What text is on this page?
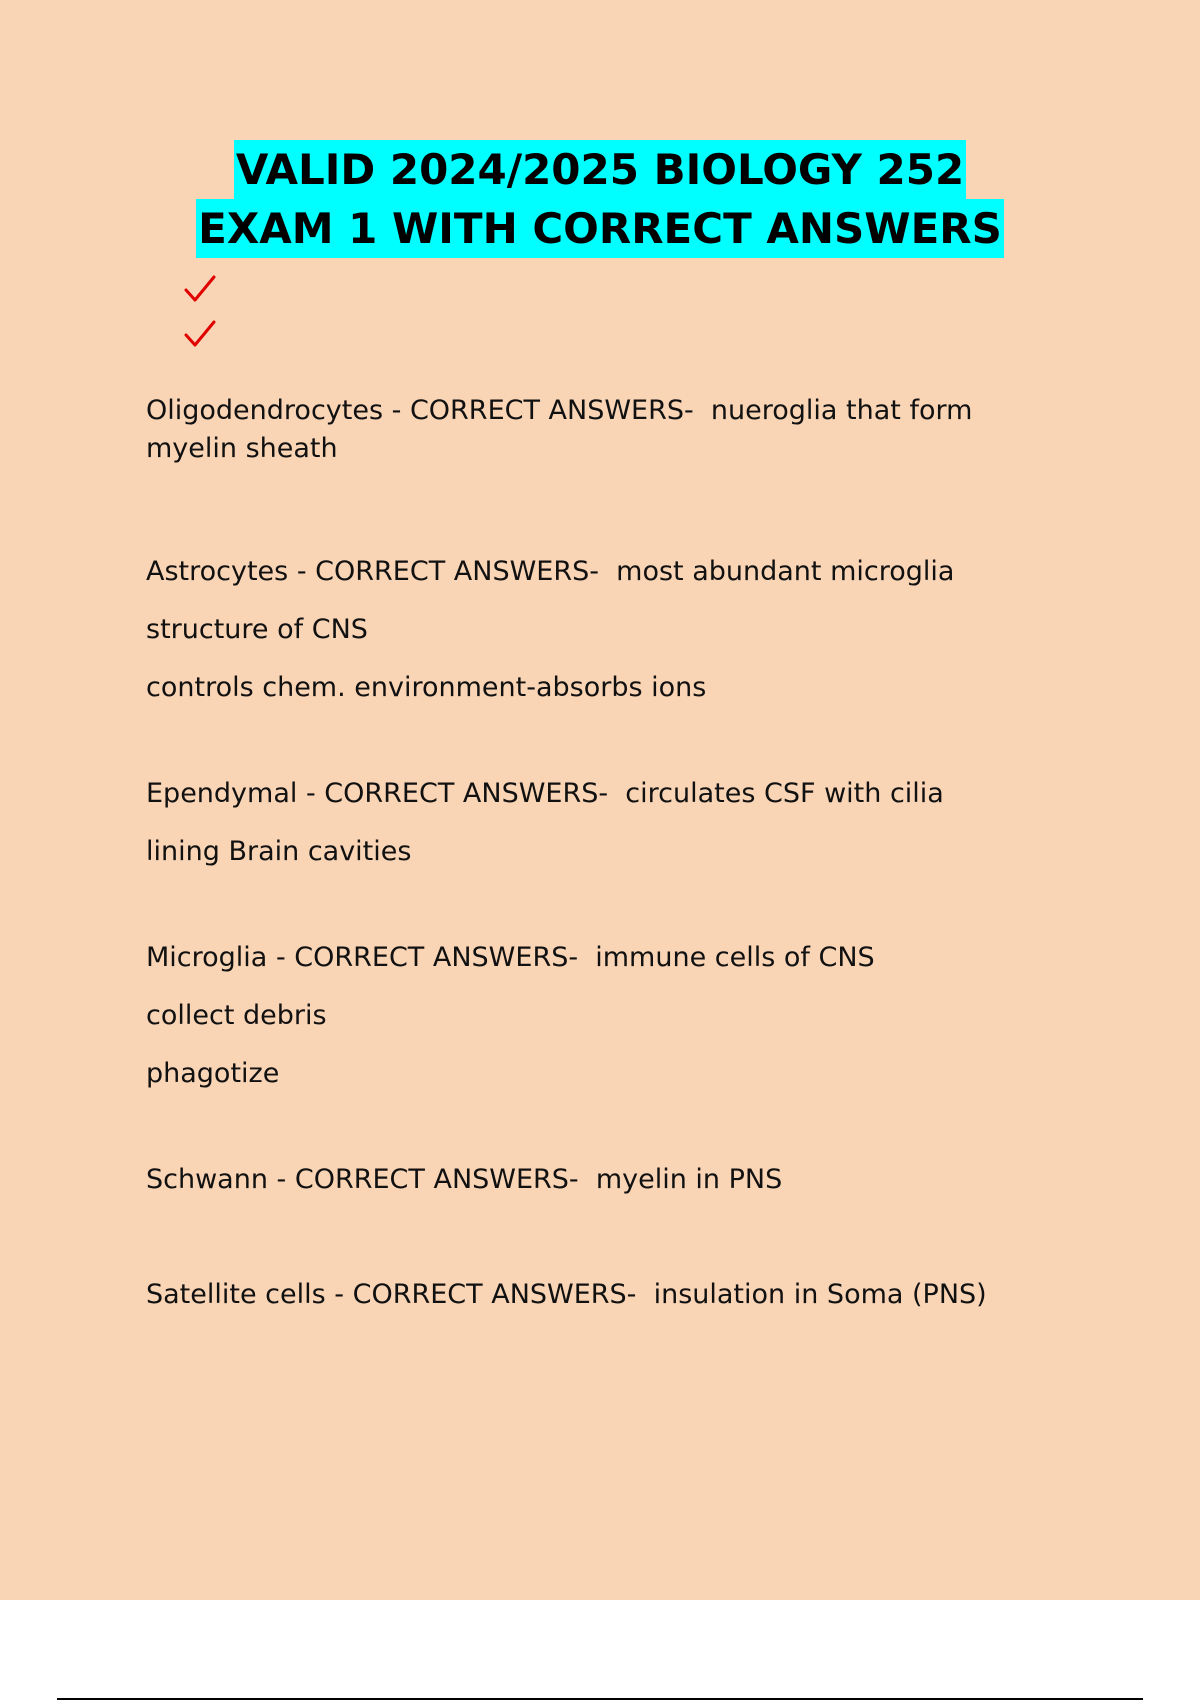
VALID 2024/2025 BIOLOGY 252
EXAM 1 WITH CORRECT ANSWERS
Oligodendrocytes - CORRECT ANSWERS-  nueroglia that form
myelin sheath
Astrocytes - CORRECT ANSWERS-  most abundant microglia
structure of CNS
controls chem. environment-absorbs ions
Ependymal - CORRECT ANSWERS-  circulates CSF with cilia
lining Brain cavities
Microglia - CORRECT ANSWERS-  immune cells of CNS
collect debris
phagotize
Schwann - CORRECT ANSWERS-  myelin in PNS
Satellite cells - CORRECT ANSWERS-  insulation in Soma (PNS)
